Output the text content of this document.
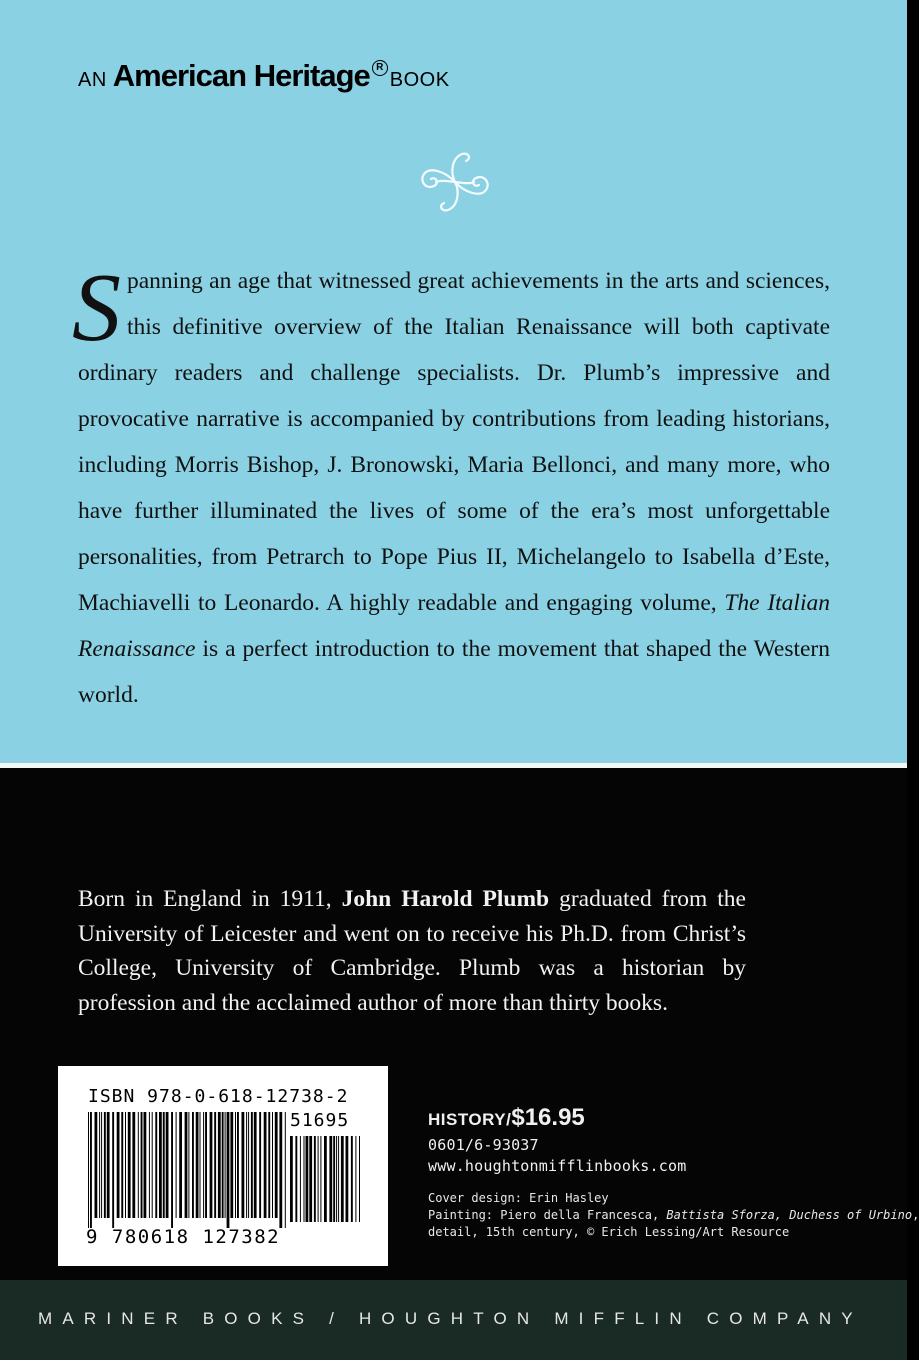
AN American Heritage RBOOK
Spanning an age that witnessed great achievements in the arts and sciences, this definitive overview of the Italian Renaissance will both captivate ordinary readers and challenge specialists. Dr. Plumb’s impressive and provocative narrative is accompanied by contributions from leading historians, including Morris Bishop, J. Bronowski, Maria Bellonci, and many more, who have further illuminated the lives of some of the era’s most unforgettable personalities, from Petrarch to Pope Pius II, Michelangelo to Isabella d’Este, Machiavelli to Leonardo. A highly readable and engaging volume, The Italian Renaissance is a perfect introduction to the movement that shaped the Western world.
Born in England in 1911, John Harold Plumb graduated from the University of Leicester and went on to receive his Ph.D. from Christ’s College, University of Cambridge. Plumb was a historian by profession and the acclaimed author of more than thirty books.
ISBN 978-0-618-12738-2
51695
9 780618 127382
HISTORY/$16.95
0601/6-93037
www.houghtonmifflinbooks.com
Cover design: Erin Hasley
Painting: Piero della Francesca, Battista Sforza, Duchess of Urbino,
detail, 15th century, © Erich Lessing/Art Resource
MARINER BOOKS / HOUGHTON MIFFLIN COMPANY
